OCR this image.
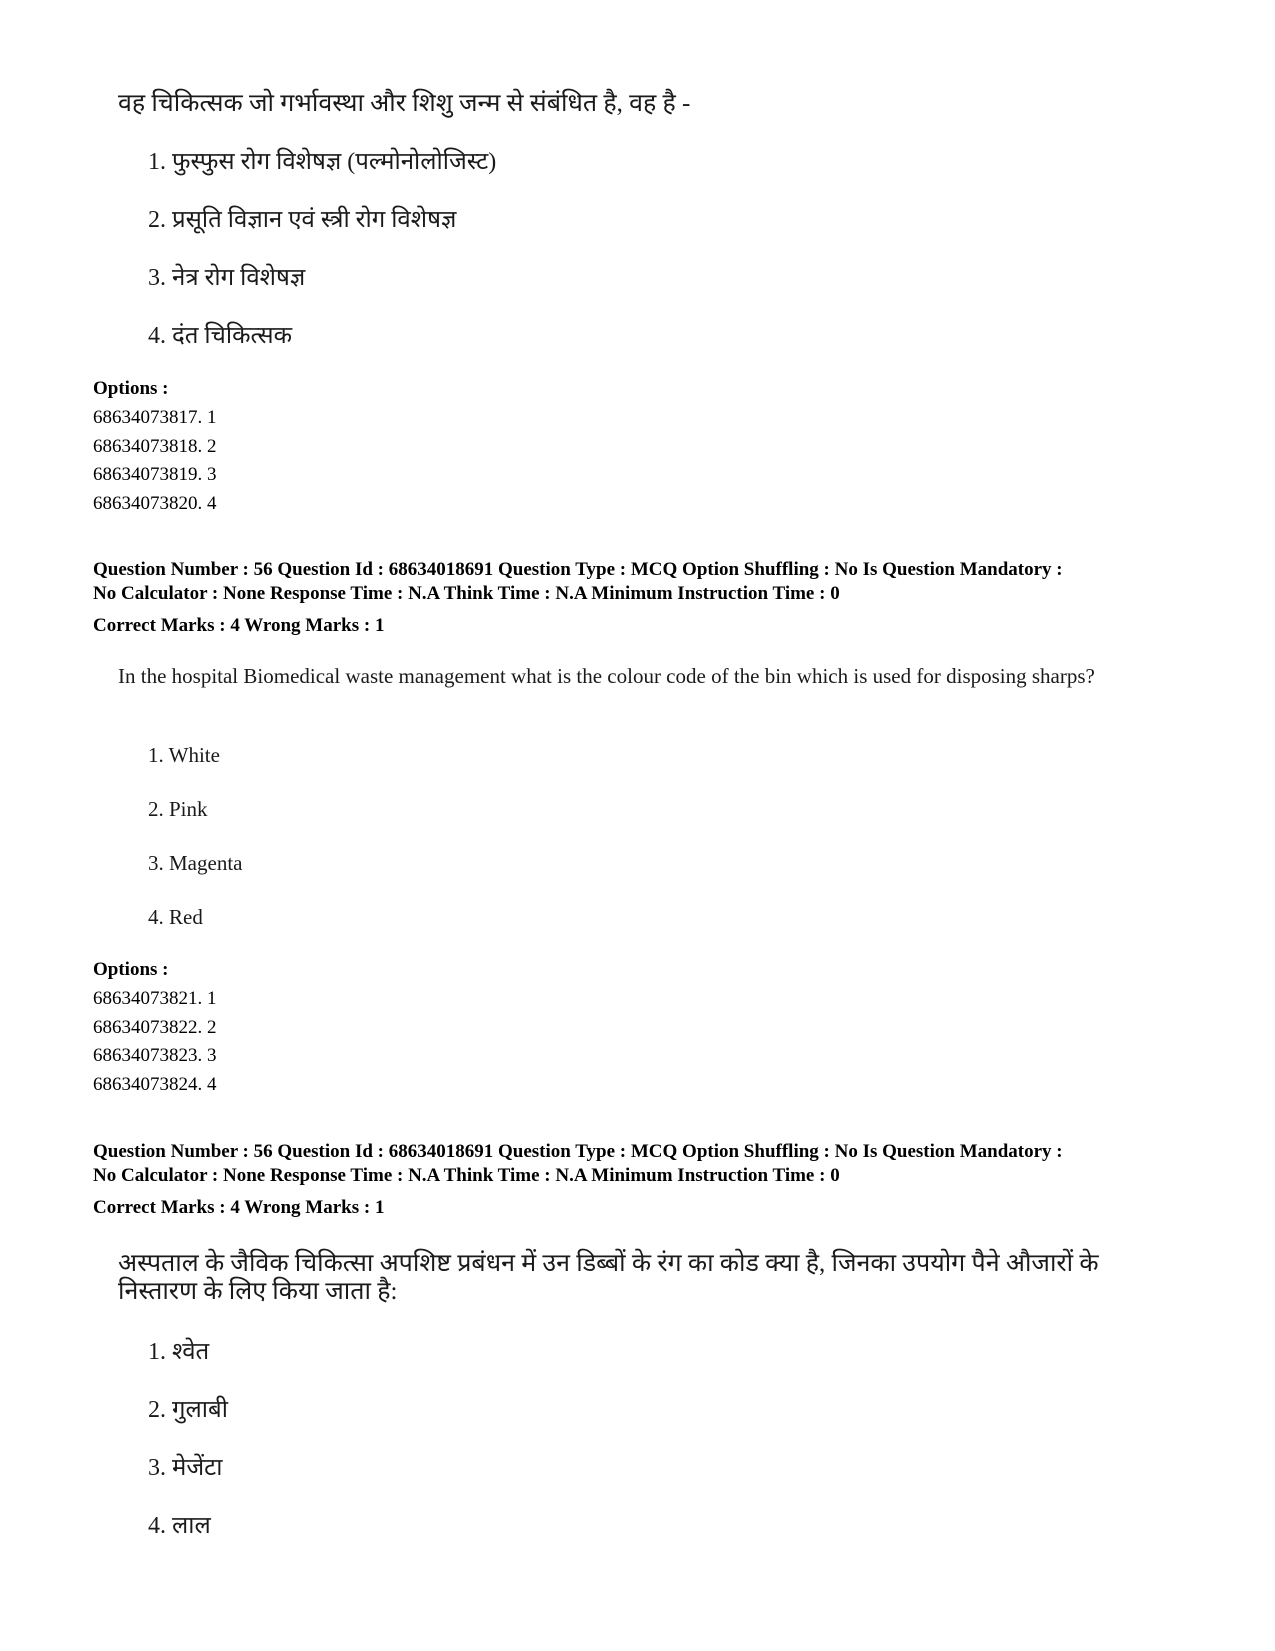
वह चिकित्सक जो गर्भावस्था और शिशु जन्म से संबंधित है, वह है -
1. फुस्फुस रोग विशेषज्ञ (पल्मोनोलोजिस्ट)
2. प्रसूति विज्ञान एवं स्त्री रोग विशेषज्ञ
3. नेत्र रोग विशेषज्ञ
4. दंत चिकित्सक
Options :
68634073817. 1
68634073818. 2
68634073819. 3
68634073820. 4
Question Number : 56 Question Id : 68634018691 Question Type : MCQ Option Shuffling : No Is Question Mandatory :
No Calculator : None Response Time : N.A Think Time : N.A Minimum Instruction Time : 0
Correct Marks : 4 Wrong Marks : 1
In the hospital Biomedical waste management what is the colour code of the bin which is used for disposing sharps?
1. White
2. Pink
3. Magenta
4. Red
Options :
68634073821. 1
68634073822. 2
68634073823. 3
68634073824. 4
Question Number : 56 Question Id : 68634018691 Question Type : MCQ Option Shuffling : No Is Question Mandatory :
No Calculator : None Response Time : N.A Think Time : N.A Minimum Instruction Time : 0
Correct Marks : 4 Wrong Marks : 1
अस्पताल के जैविक चिकित्सा अपशिष्ट प्रबंधन में उन डिब्बों के रंग का कोड क्या है, जिनका उपयोग पैने औजारों के निस्तारण के लिए किया जाता है:
1. श्वेत
2. गुलाबी
3. मेजेंटा
4. लाल
